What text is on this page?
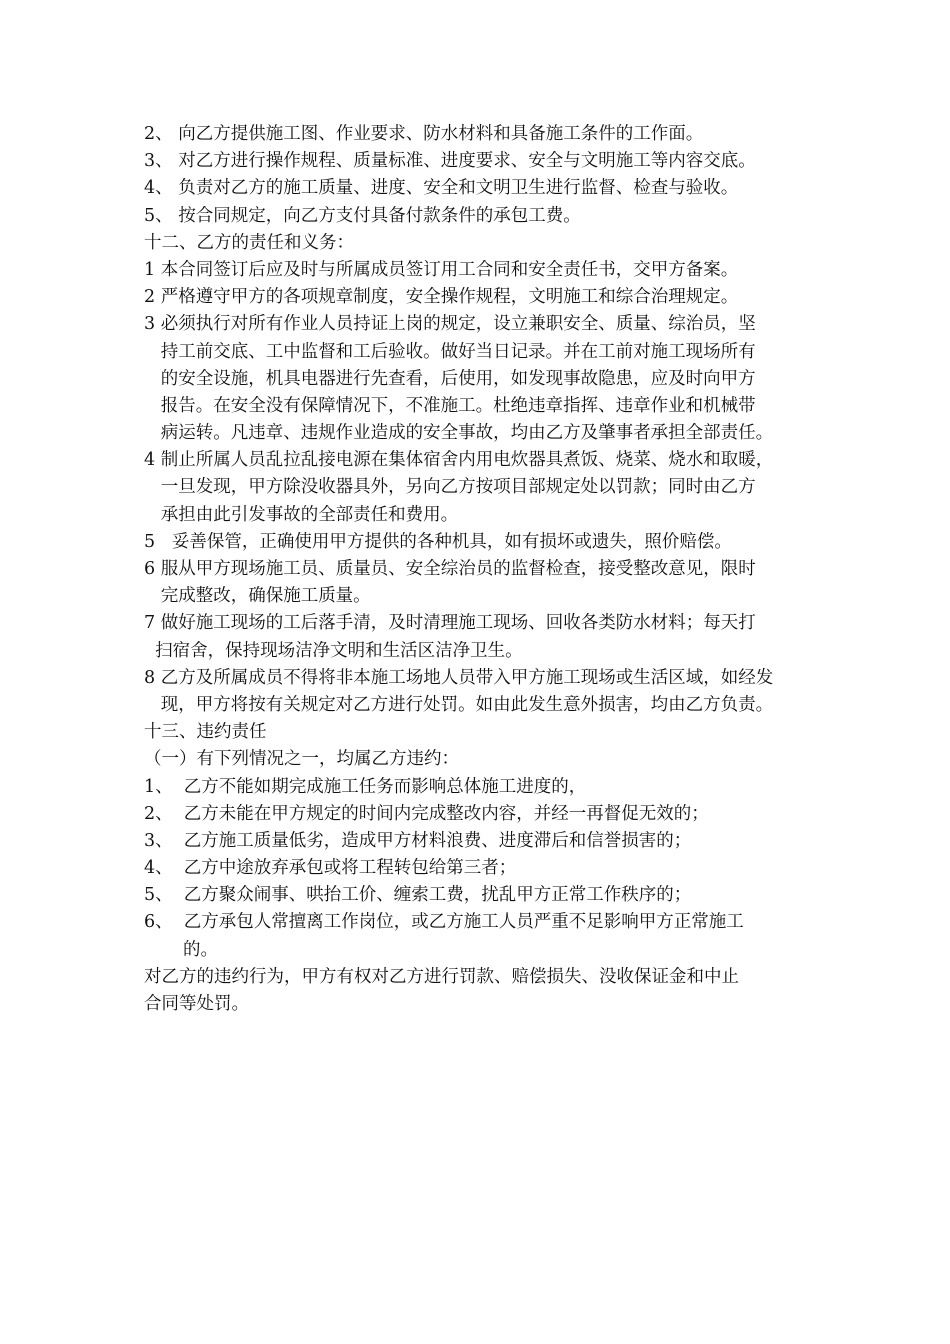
2、 向乙方提供施工图、作业要求、防水材料和具备施工条件的工作面。
3、 对乙方进行操作规程、质量标准、进度要求、安全与文明施工等内容交底。
4、 负责对乙方的施工质量、进度、安全和文明卫生进行监督、检查与验收。
5、 按合同规定，向乙方支付具备付款条件的承包工费。
十二、乙方的责任和义务：
1 本合同签订后应及时与所属成员签订用工合同和安全责任书，交甲方备案。
2 严格遵守甲方的各项规章制度，安全操作规程，文明施工和综合治理规定。
3 必须执行对所有作业人员持证上岗的规定，设立兼职安全、质量、综治员，坚
持工前交底、工中监督和工后验收。做好当日记录。并在工前对施工现场所有
的安全设施，机具电器进行先查看，后使用，如发现事故隐患，应及时向甲方
报告。在安全没有保障情况下，不准施工。杜绝违章指挥、违章作业和机械带
病运转。凡违章、违规作业造成的安全事故，均由乙方及肇事者承担全部责任。
4 制止所属人员乱拉乱接电源在集体宿舍内用电炊器具煮饭、烧菜、烧水和取暖，
一旦发现，甲方除没收器具外，另向乙方按项目部规定处以罚款；同时由乙方
承担由此引发事故的全部责任和费用。
5   妥善保管，正确使用甲方提供的各种机具，如有损坏或遗失，照价赔偿。
6 服从甲方现场施工员、质量员、安全综治员的监督检查，接受整改意见，限时
完成整改，确保施工质量。
7 做好施工现场的工后落手清，及时清理施工现场、回收各类防水材料；每天打
扫宿舍，保持现场洁净文明和生活区洁净卫生。
8 乙方及所属成员不得将非本施工场地人员带入甲方施工现场或生活区域，如经发
现，甲方将按有关规定对乙方进行处罚。如由此发生意外损害，均由乙方负责。
十三、违约责任
（一）有下列情况之一，均属乙方违约：
1、  乙方不能如期完成施工任务而影响总体施工进度的，
2、  乙方未能在甲方规定的时间内完成整改内容，并经一再督促无效的；
3、  乙方施工质量低劣，造成甲方材料浪费、进度滞后和信誉损害的；
4、  乙方中途放弃承包或将工程转包给第三者；
5、  乙方聚众闹事、哄抬工价、缠索工费，扰乱甲方正常工作秩序的；
6、  乙方承包人常擅离工作岗位，或乙方施工人员严重不足影响甲方正常施工
的。
对乙方的违约行为，甲方有权对乙方进行罚款、赔偿损失、没收保证金和中止
合同等处罚。
